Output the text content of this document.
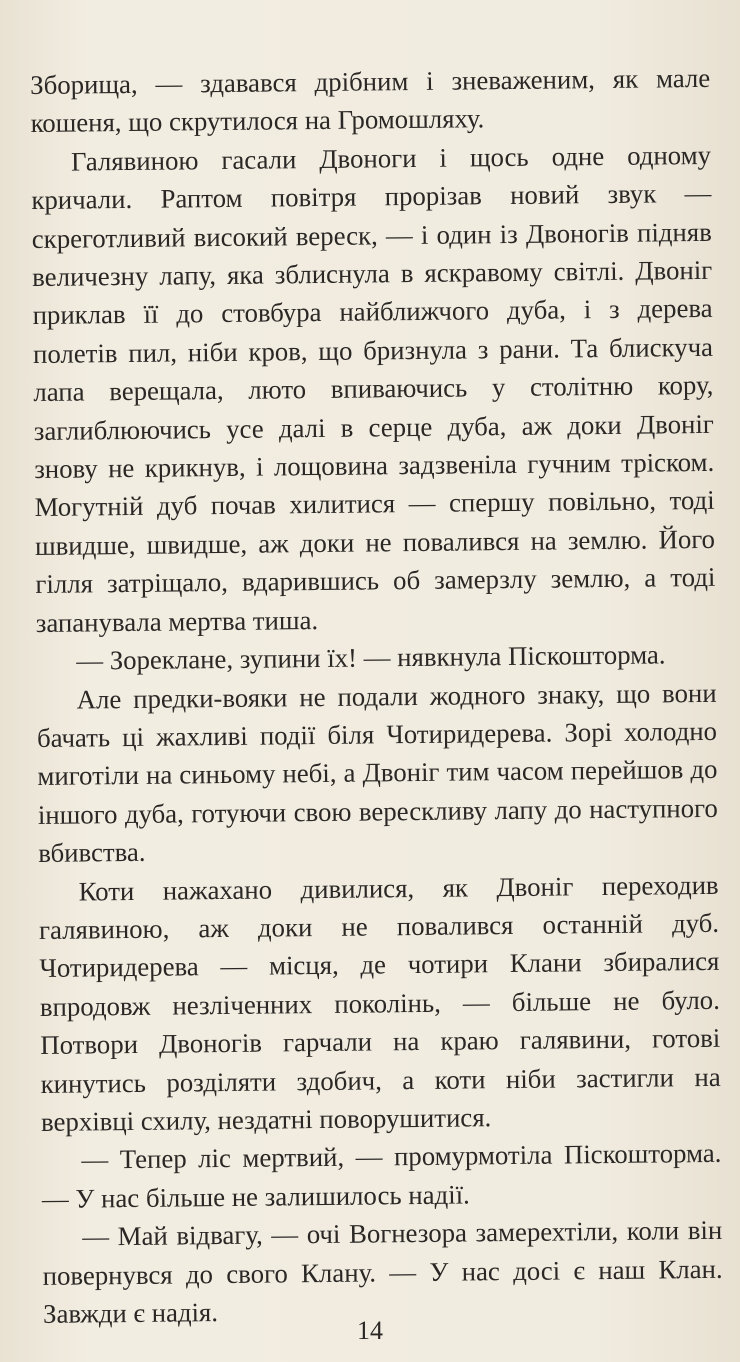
Зборища, — здавався дрібним і зневаженим, як мале кошеня, що скрутилося на Громошляху.

Галявиною гасали Двоноги і щось одне одному кричали. Раптом повітря прорізав новий звук — скреготливий високий вереск, — і один із Двоногів підняв величезну лапу, яка зблиснула в яскравому світлі. Двоніг приклав її до стовбура найближчого дуба, і з дерева полетів пил, ніби кров, що бризнула з рани. Та блискуча лапа верещала, люто впиваючись у столітню кору, заглиблюючись усе далі в серце дуба, аж доки Двоніг знову не крикнув, і лощовина задзвеніла гучним тріском. Могутній дуб почав хилитися — спершу повільно, тоді швидше, швидше, аж доки не повалився на землю. Його гілля затріщало, вдарившись об замерзлу землю, а тоді запанувала мертва тиша.

— Зореклане, зупини їх! — нявкнула Піскошторма.

Але предки-вояки не подали жодного знаку, що вони бачать ці жахливі події біля Чотиридерева. Зорі холодно миготіли на синьому небі, а Двоніг тим часом перейшов до іншого дуба, готуючи свою верескливу лапу до наступного вбивства.

Коти нажахано дивилися, як Двоніг переходив галявиною, аж доки не повалився останній дуб. Чотиридерева — місця, де чотири Клани збиралися впродовж незліченних поколінь, — більше не було. Потвори Двоногів гарчали на краю галявини, готові кинутись розділяти здобич, а коти ніби застигли на верхівці схилу, нездатні поворушитися.

— Тепер ліс мертвий, — промурмотіла Піскошторма. — У нас більше не залишилось надії.

— Май відвагу, — очі Вогнезора замерехтіли, коли він повернувся до свого Клану. — У нас досі є наш Клан. Завжди є надія.

14
